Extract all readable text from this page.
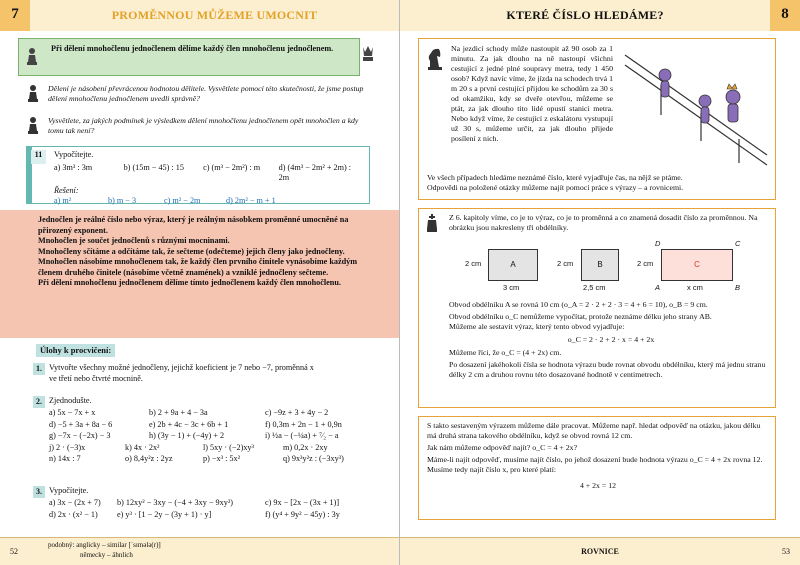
7	PROMĚNNOU MŮŽEME UMOCNIT
Při dělení mnohočlenu jednočlenem dělíme každý člen mnohočlenu jednočlenem.
Dělení je násobení převrácenou hodnotou dělitele. Vysvětlete pomocí této skutečnosti, že jsme postup dělení mnohočlenu jednočlenem uvedli správně?
Vysvětlete, za jakých podmínek je výsledkem dělení mnohočlenu jednočlenem opět mnohočlen a kdy tomu tak není?
11	Vypočítejte.
a) 3m³ : 3m	b) (15m − 45) : 15	c) (m³ − 2m²) : m	d) (4m³ − 2m² + 2m) : 2m
Řešení:
a) m²	b) m − 3	c) m² − 2m	d) 2m² − m + 1
Jednočlen je reálné číslo nebo výraz, který je reálným násobkem proměnné umocněné na přirozený exponent.
Mnohočlen je součet jednočlenů s různými mocninami.
Mnohočleny sčítáme a odčítáme tak, že sečteme (odečteme) jejich členy jako jednočleny.
Mnohočlen násobíme mnohočlenem tak, že každý člen prvního činitele vynásobíme každým členem druhého činitele (násobíme včetně znamének) a vzniklé jednočleny sečteme.
Při dělení mnohočlenu jednočlenem dělíme tímto jednočlenem každý člen mnohočlenu.
Úlohy k procvičení:
1. Vytvořte všechny možné jednočleny, jejichž koeficient je 7 nebo −7, proměnná x
ve třetí nebo čtvrté mocnině.
2. Zjednodušte.
a) 5x − 7x + x	b) 2 + 9a + 4 − 3a	c) −9z + 3 + 4y − 2
d) −5 + 3a + 8a − 6	e) 2b + 4c − 3c + 6b + 1	f) 0,3m + 2n − 1 + 0,9n
g) −7x − (−2x) − 3	h) (3y − 1) + (−4y) + 2	i) ½a − (−¼a) + ⁷⁄₂ − a
j) 2 · (−3)x	k) 4x · 2x²	l) 5xy · (−2)xy³	m) 0,2x · 2xy
n) 14x : 7	o) 8,4y²z : 2yz	p) −x³ : 5x²	q) 9x³y²z : (−3xy³)
3. Vypočítejte.
a) 3x − (2x + 7)	b) 12xy² − 3xy − (−4 + 3xy − 9xy²)	c) 9x − [2x − (3x + 1)]
d) 2x · (x² − 1)	e) y³ · [1 − 2y − (3y + 1) · y]	f) (y⁴ + 9y² − 45y) : 3y
52
podobný: anglicky – similar [ˈsɪmələ(r)]
německy – ähnlich
KTERÉ ČÍSLO HLEDÁME?	8
Na jezdicí schody může nastoupit až 90 osob za 1 minutu. Za jak dlouho na ně nastoupí všichni cestující z jedné plné soupravy metra, tedy 1 450 osob? Když navíc víme, že jízda na schodech trvá 1 m 20 s a první cestující přijdou ke schodům za 30 s od okamžiku, kdy se dveře otevřou, můžeme se ptát, za jak dlouho tito lidé opustí stanici metra. Nebo když víme, že cestující z eskalátoru vystupují už 30 s, můžeme určit, za jak dlouho přijede posílení z nich.
Ve všech případech hledáme neznámé číslo, které vyjadřuje čas, na nějž se ptáme.
Odpovědi na položené otázky můžeme najít pomocí práce s výrazy – a rovnicemi.
Z 6. kapitoly víme, co je to výraz, co je to proměnná a co znamená dosadit číslo za proměnnou. Na obrázku jsou nakresleny tři obdélníky.
A
2 cm
3 cm
B
2 cm
2,5 cm
C
2 cm
x cm
D	C
A	B
Obvod obdélníku A se rovná 10 cm (o_A = 2 · 2 + 2 · 3 = 4 + 6 = 10), o_B = 9 cm.
Obvod obdélníku o_C nemůžeme vypočítat, protože neznáme délku jeho strany AB.
Můžeme ale sestavit výraz, který tento obvod vyjadřuje:
o_C = 2 · 2 + 2 · x = 4 + 2x
Můžeme říci, že o_C = (4 + 2x) cm.
Po dosazení jakéhokoli čísla se hodnota výrazu bude rovnat obvodu obdélníku, který má jednu stranu délky 2 cm a druhou rovnu této dosazované hodnotě v centimetrech.
S takto sestaveným výrazem můžeme dále pracovat. Můžeme např. hledat odpověď na otázku, jakou délku má druhá strana takového obdélníku, když se obvod rovná 12 cm.
Jak nám můžeme odpověď najít? o_C = 4 + 2x?
Máme-li najít odpověď, musíme najít číslo, po jehož dosazení bude hodnota výrazu o_C = 4 + 2x rovna 12. Musíme tedy najít číslo x, pro které platí:
4 + 2x = 12
ROVNICE	53
